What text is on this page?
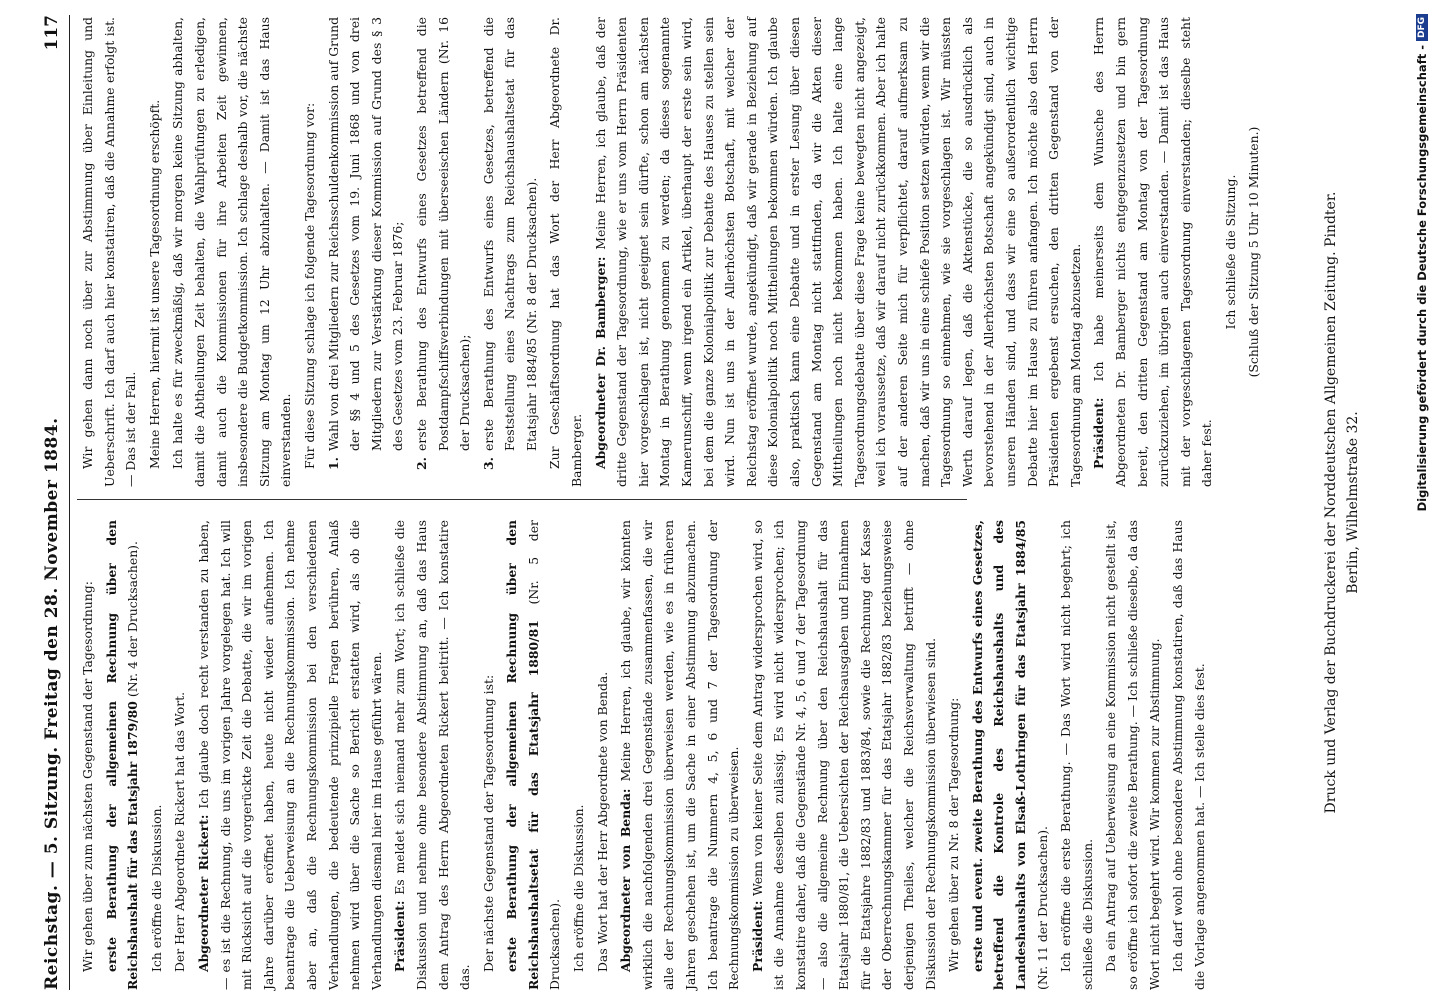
Reichstag. — 5. Sitzung. Freitag den 28. November 1884.
117

Wir gehen über zum nächsten Gegenstand der Tagesordnung: erste Berathung der allgemeinen Rechnung über den Reichshaushalt für das Etatsjahr 1879/80 (Nr. 4 der Drucksachen).

Ich eröffne die Diskussion. Der Herr Abgeordnete Rickert hat das Wort. Abgeordneter Rickert: Ich glaube doch recht verstanden zu haben, — es ist die Rechnung, die uns im vorigen Jahre vorgelegen hat. Ich will mit Rücksicht auf die vorgerückte Zeit die Debatte, die wir im vorigen Jahre darüber eröffnet haben, heute nicht wieder aufnehmen. Ich beantrage die Ueberweisung an die Rechnungskommission. Ich nehme aber an, daß die Rechnungskommission bei den verschiedenen Verhandlungen, die bedeutende prinzipielle Fragen berühren, Anlaß nehmen wird über die Sache so Bericht erstatten wird, als ob die Verhandlungen diesmal hier im Hause geführt wären. Präsident: Es meldet sich niemand mehr zum Wort; ich schließe die Diskussion und nehme ohne besondere Abstimmung an, daß das Haus dem Antrag des Herrn Abgeordneten Rickert beitritt. — Ich konstatire das.

Der nächste Gegenstand der Tagesordnung ist: erste Berathung der allgemeinen Rechnung über den Reichshaushaltsetat für das Etatsjahr 1880/81 (Nr. 5 der Drucksachen). Ich eröffne die Diskussion. Das Wort hat der Herr Abgeordnete von Benda. Abgeordneter von Benda: Meine Herren, ich glaube, wir könnten wirklich die nachfolgenden drei Gegenstände zusammenfassen, die wir alle der Rechnungskommission überweisen werden, wie es in früheren Jahren geschehen ist, um die Sache in einer Abstimmung abzumachen. Ich beantrage die Nummern 4, 5, 6 und 7 der Tagesordnung der Rechnungskommission zu überweisen. Präsident: Wenn von keiner Seite dem Antrag widersprochen wird, so ist die Annahme desselben zulässig. Es wird nicht widersprochen; ich konstatire daher, daß die Gegenstände Nr. 4, 5, 6 und 7 der Tagesordnung — also die allgemeine Rechnung über den Reichshaushalt für das Etatsjahr 1880/81, die Uebersichten der Reichsausgaben und Einnahmen für die Etatsjahre 1882/83 und 1883/84, sowie die Rechnung der Kasse der Oberrechnungskammer für das Etatsjahr 1882/83 beziehungsweise derjenigen Theiles, welcher die Reichsverwaltung betrifft — ohne Diskussion der Rechnungskommission überwiesen sind. Wir gehen über zu Nr. 8 der Tagesordnung: erste und event. zweite Berathung des Entwurfs eines Gesetzes, betreffend die Kontrole des Reichshaushalts und des Landeshaushalts von Elsaß-Lothringen für das Etatsjahr 1884/85 (Nr. 11 der Drucksachen). Ich eröffne die erste Berathung. — Das Wort wird nicht begehrt; ich schließe die Diskussion. Da ein Antrag auf Ueberweisung an eine Kommission nicht gestellt ist, so eröffne ich sofort die zweite Berathung. — Ich schließe dieselbe, da das Wort nicht begehrt wird. Wir kommen zur Abstimmung. Ich darf wohl ohne besondere Abstimmung konstatiren, daß das Haus die Vorlage angenommen hat. — Ich stelle dies fest.

Wir gehen dann noch über zur Abstimmung über Einleitung und Ueberschrift. Ich darf auch hier konstatiren, daß die Annahme erfolgt ist. — Das ist der Fall. Meine Herren, hiermit ist unsere Tagesordnung erschöpft. Ich halte es für zweckmäßig, daß wir morgen keine Sitzung abhalten, damit die Abtheilungen Zeit behalten, die Wahlprüfungen zu erledigen, damit auch die Kommissionen für ihre Arbeiten Zeit gewinnen, insbesondere die Budgetkommission. Ich schlage deshalb vor, die nächste Sitzung am Montag um 12 Uhr abzuhalten. — Damit ist das Haus einverstanden. Für diese Sitzung schlage ich folgende Tagesordnung vor: 1.
Wahl von drei Mitgliedern zur Reichsschuldenkommission auf Grund der §§ 4 und 5 des Gesetzes vom 19. Juni 1868 und von drei Mitgliedern zur Verstärkung dieser Kommission auf Grund des § 3 des Gesetzes vom 23. Februar 1876;
2.
erste Berathung des Entwurfs eines Gesetzes betreffend die Postdampfschiffsverbindungen mit überseeischen Ländern (Nr. 16 der Drucksachen);
3.
erste Berathung des Entwurfs eines Gesetzes, betreffend die Feststellung eines Nachtrags zum Reichshaushaltsetat für das Etatsjahr 1884/85 (Nr. 8 der Drucksachen). Zur Geschäftsordnung hat das Wort der Herr Abgeordnete Dr. Bamberger. Abgeordneter Dr. Bamberger: Meine Herren, ich glaube, daß der dritte Gegenstand der Tagesordnung, wie er uns vom Herrn Präsidenten hier vorgeschlagen ist, nicht geeignet sein dürfte, schon am nächsten Montag in Berathung genommen zu werden; da dieses sogenannte Kamerunschiff, wenn irgend ein Artikel, überhaupt der erste sein wird, bei dem die ganze Kolonialpolitik zur Debatte des Hauses zu stellen sein wird. Nun ist uns in der Allerhöchsten Botschaft, mit welcher der Reichstag eröffnet wurde, angekündigt, daß wir gerade in Beziehung auf diese Kolonialpolitik noch Mittheilungen bekommen würden. Ich glaube also, praktisch kann eine Debatte und in erster Lesung über diesen Gegenstand am Montag nicht stattfinden, da wir die Akten dieser Mittheilungen noch nicht bekommen haben. Ich halte eine lange Tagesordnungsdebatte über diese Frage keine bewegten nicht angezeigt, weil ich voraussetze, daß wir darauf nicht zurückkommen. Aber ich halte auf der anderen Seite mich für verpflichtet, darauf aufmerksam zu machen, daß wir uns in eine schiefe Position setzen würden, wenn wir die Tagesordnung so einnehmen, wie sie vorgeschlagen ist. Wir müssten Werth darauf legen, daß die Aktenstücke, die so ausdrücklich als bevorstehend in der Allerhöchsten Botschaft angekündigt sind, auch in unseren Händen sind, und dass wir eine so außerordentlich wichtige Debatte hier im Hause zu führen anfangen. Ich möchte also den Herrn Präsidenten ergebenst ersuchen, den dritten Gegenstand von der Tagesordnung am Montag abzusetzen. Präsident: Ich habe meinerseits dem Wunsche des Herrn Abgeordneten Dr. Bamberger nichts entgegenzusetzen und bin gern bereit, den dritten Gegenstand am Montag von der Tagesordnung zurückzuziehen, im übrigen auch einverstanden. — Damit ist das Haus mit der vorgeschlagenen Tagesordnung einverstanden; dieselbe steht daher fest.

Ich schließe die Sitzung. (Schluß der Sitzung 5 Uhr 10 Minuten.)	Druck und Verlag der Buchdruckerei der Norddeutschen Allgemeinen Zeitung. Pindter. Berlin, Wilhelmstraße 32.	Digitalisierung gefördert durch die Deutsche Forschungsgemeinschaft -
DFG
